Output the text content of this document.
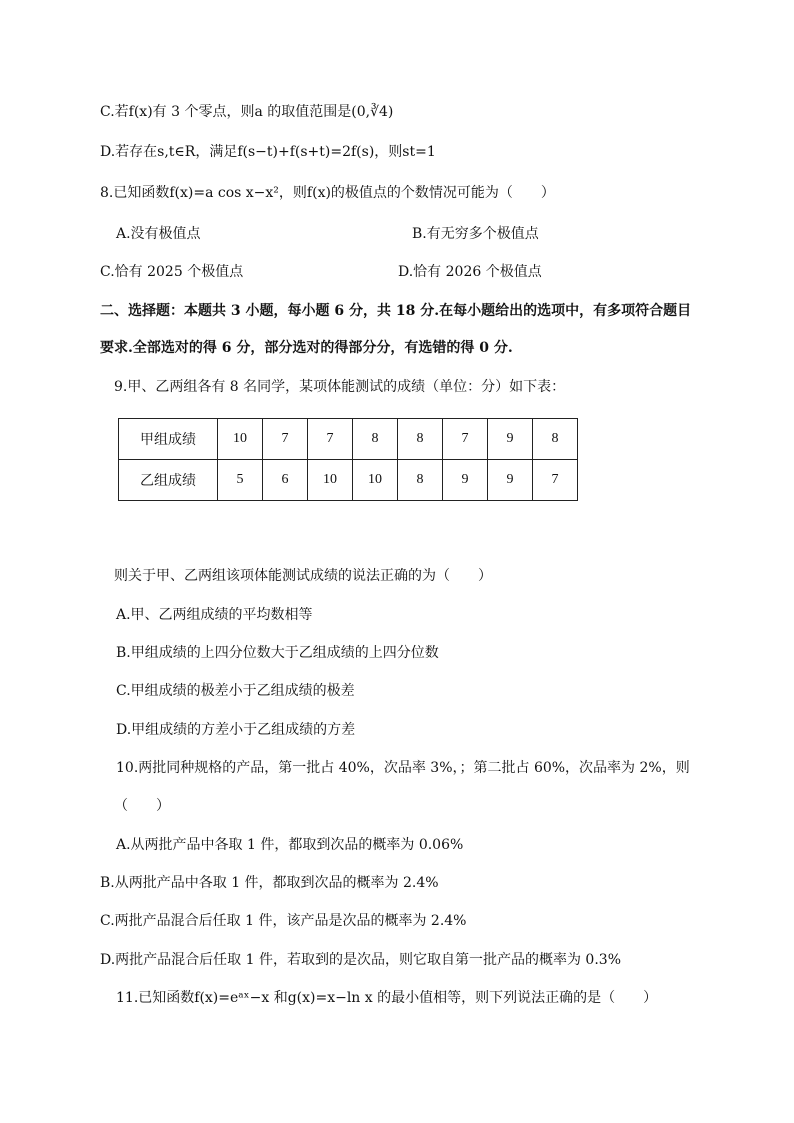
C.若f(x)有 3 个零点，则a 的取值范围是(0,∛4)
D.若存在s,t∈R，满足f(s−t)+f(s+t)=2f(s)，则st=1
8.已知函数f(x)=a cos x−x²，则f(x)的极值点的个数情况可能为（　　）
A.没有极值点	B.有无穷多个极值点
C.恰有 2025 个极值点	D.恰有 2026 个极值点
二、选择题：本题共 3 小题，每小题 6 分，共 18 分.在每小题给出的选项中，有多项符合题目
要求.全部选对的得 6 分，部分选对的得部分分，有选错的得 0 分.
9.甲、乙两组各有 8 名同学，某项体能测试的成绩（单位：分）如下表：
甲组成绩	10	7	7	8	8	7	9	8
乙组成绩	5	6	10	10	8	9	9	7
则关于甲、乙两组该项体能测试成绩的说法正确的为（　　）
A.甲、乙两组成绩的平均数相等
B.甲组成绩的上四分位数大于乙组成绩的上四分位数
C.甲组成绩的极差小于乙组成绩的极差
D.甲组成绩的方差小于乙组成绩的方差
10.两批同种规格的产品，第一批占 40%，次品率 3%，；第二批占 60%，次品率为 2%，则
（　　）
A.从两批产品中各取 1 件，都取到次品的概率为 0.06%
B.从两批产品中各取 1 件，都取到次品的概率为 2.4%
C.两批产品混合后任取 1 件，该产品是次品的概率为 2.4%
D.两批产品混合后任取 1 件，若取到的是次品，则它取自第一批产品的概率为 0.3%
11.已知函数f(x)=eᵃˣ−x 和g(x)=x−ln x 的最小值相等，则下列说法正确的是（　　）
